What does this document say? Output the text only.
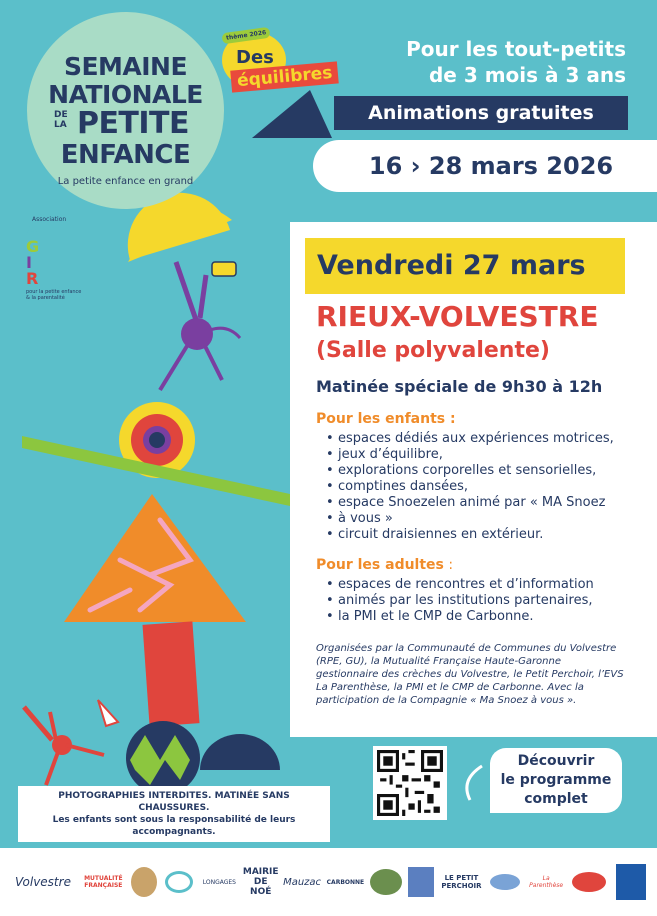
SEMAINE
NATIONALE
DE LA PETITE
ENFANCE
La petite enfance en grand
thème 2026
Des
équilibres
Pour les tout-petits
de 3 mois à 3 ans
Animations gratuites
16 › 28 mars 2026
Association
A
G
I
R
pour la petite enfance & la parentalité
Vendredi 27 mars
RIEUX-VOLVESTRE
(Salle polyvalente)
Matinée spéciale de 9h30 à 12h
Pour les enfants :
• espaces dédiés aux expériences motrices,
• jeux d’équilibre,
• explorations corporelles et sensorielles,
• comptines dansées,
• espace Snoezelen animé par « MA Snoez
• à vous »
• circuit draisiennes en extérieur.
Pour les adultes :
• espaces de rencontres et d’information
• animés par les institutions partenaires,
• la PMI et le CMP de Carbonne.
Organisées par la Communauté de Communes du Volvestre (RPE, GU), la Mutualité Française Haute-Garonne gestionnaire des crèches du Volvestre, le Petit Perchoir, l’EVS La Parenthèse, la PMI et le CMP de Carbonne. Avec la participation de la Compagnie « Ma Snoez à vous ».
Découvrir
le programme
complet
PHOTOGRAPHIES INTERDITES. MATINÉE SANS CHAUSSURES.
Les enfants sont sous la responsabilité de leurs
accompagnants.
Volvestre	MUTUALITÉ FRANÇAISE	LONGAGES
MAIRIE DE NOÉ
Mauzac CARBONNE	LE PETIT PERCHOIR
La Parenthèse
